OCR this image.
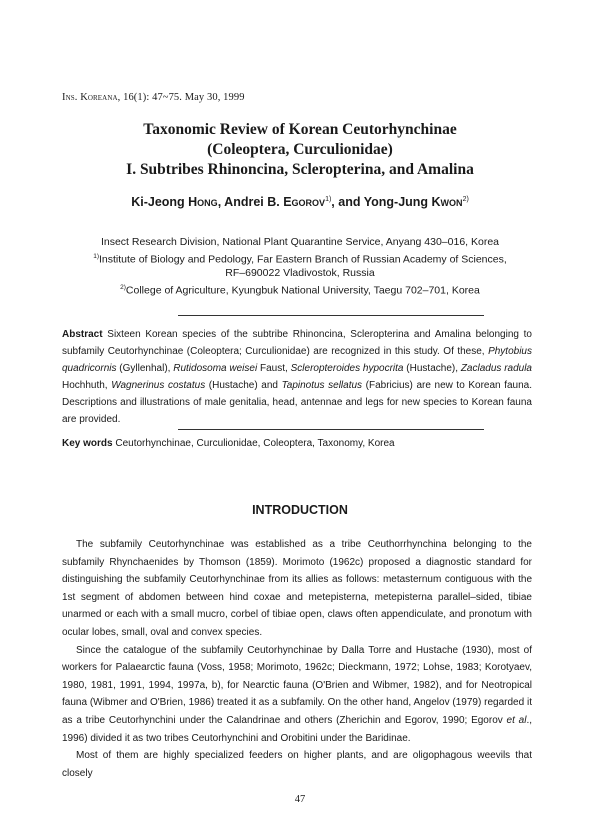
Ins. Koreana, 16(1): 47~75. May 30, 1999
Taxonomic Review of Korean Ceutorhynchinae
(Coleoptera, Curculionidae)
I. Subtribes Rhinoncina, Scleropterina, and Amalina
Ki-Jeong Hong, Andrei B. Egorov$^{1)}$, and Yong-Jung Kwon$^{2)}$
Insect Research Division, National Plant Quarantine Service, Anyang 430–016, Korea
$^{1)}$Institute of Biology and Pedology, Far Eastern Branch of Russian Academy of Sciences,
RF–690022 Vladivostok, Russia
$^{2)}$College of Agriculture, Kyungbuk National University, Taegu 702–701, Korea
Abstract Sixteen Korean species of the subtribe Rhinoncina, Scleropterina and Amalina belonging to subfamily Ceutorhynchinae (Coleoptera; Curculionidae) are recognized in this study. Of these, Phytobius quadricornis (Gyllenhal), Rutidosoma weisei Faust, Scleropteroides hypocrita (Hustache), Zacladus radula Hochhuth, Wagnerinus costatus (Hustache) and Tapinotus sellatus (Fabricius) are new to Korean fauna. Descriptions and illustrations of male genitalia, head, antennae and legs for new species to Korean fauna are provided.
Key words Ceutorhynchinae, Curculionidae, Coleoptera, Taxonomy, Korea
INTRODUCTION

The subfamily Ceutorhynchinae was established as a tribe Ceuthorrhynchina belonging to the subfamily Rhynchaenides by Thomson (1859). Morimoto (1962c) proposed a diagnostic standard for distinguishing the subfamily Ceutorhynchinae from its allies as follows: metasternum contiguous with the 1st segment of abdomen between hind coxae and metepisterna, metepisterna parallel–sided, tibiae unarmed or each with a small mucro, corbel of tibiae open, claws often appendiculate, and pronotum with ocular lobes, small, oval and convex species.

Since the catalogue of the subfamily Ceutorhynchinae by Dalla Torre and Hustache (1930), most of workers for Palaearctic fauna (Voss, 1958; Morimoto, 1962c; Dieckmann, 1972; Lohse, 1983; Korotyaev, 1980, 1981, 1991, 1994, 1997a, b), for Nearctic fauna (O'Brien and Wibmer, 1982), and for Neotropical fauna (Wibmer and O'Brien, 1986) treated it as a subfamily. On the other hand, Angelov (1979) regarded it as a tribe Ceutorhynchini under the Calandrinae and others (Zherichin and Egorov, 1990; Egorov et al., 1996) divided it as two tribes Ceutorhynchini and Orobitini under the Baridinae.

Most of them are highly specialized feeders on higher plants, and are oligophagous weevils that closely

47
